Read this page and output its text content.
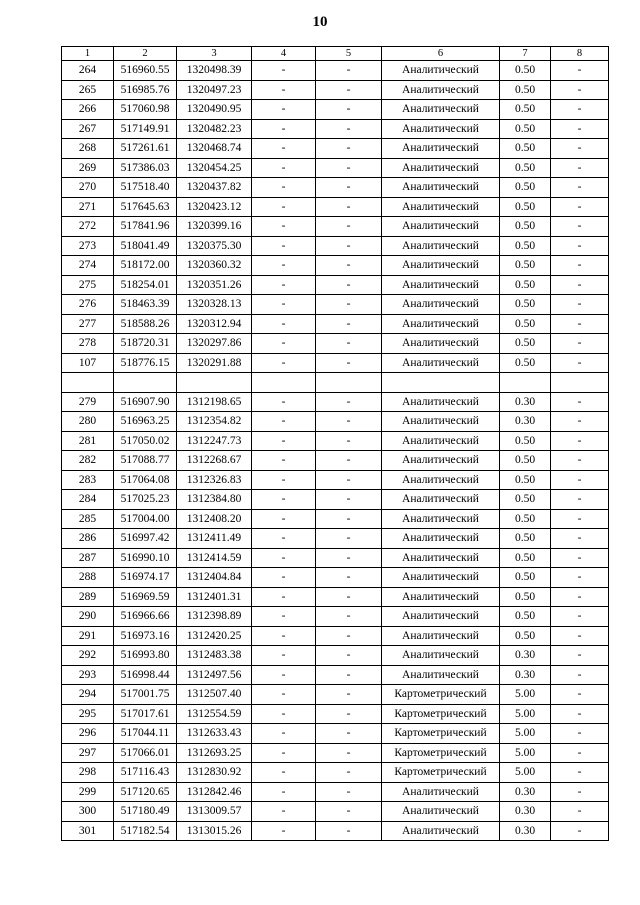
10
1	2	3	4	5	6	7	8
264	516960.55	1320498.39	-	-	Аналитический	0.50	-
265	516985.76	1320497.23	-	-	Аналитический	0.50	-
266	517060.98	1320490.95	-	-	Аналитический	0.50	-
267	517149.91	1320482.23	-	-	Аналитический	0.50	-
268	517261.61	1320468.74	-	-	Аналитический	0.50	-
269	517386.03	1320454.25	-	-	Аналитический	0.50	-
270	517518.40	1320437.82	-	-	Аналитический	0.50	-
271	517645.63	1320423.12	-	-	Аналитический	0.50	-
272	517841.96	1320399.16	-	-	Аналитический	0.50	-
273	518041.49	1320375.30	-	-	Аналитический	0.50	-
274	518172.00	1320360.32	-	-	Аналитический	0.50	-
275	518254.01	1320351.26	-	-	Аналитический	0.50	-
276	518463.39	1320328.13	-	-	Аналитический	0.50	-
277	518588.26	1320312.94	-	-	Аналитический	0.50	-
278	518720.31	1320297.86	-	-	Аналитический	0.50	-
107	518776.15	1320291.88	-	-	Аналитический	0.50	-

279	516907.90	1312198.65	-	-	Аналитический	0.30	-
280	516963.25	1312354.82	-	-	Аналитический	0.30	-
281	517050.02	1312247.73	-	-	Аналитический	0.50	-
282	517088.77	1312268.67	-	-	Аналитический	0.50	-
283	517064.08	1312326.83	-	-	Аналитический	0.50	-
284	517025.23	1312384.80	-	-	Аналитический	0.50	-
285	517004.00	1312408.20	-	-	Аналитический	0.50	-
286	516997.42	1312411.49	-	-	Аналитический	0.50	-
287	516990.10	1312414.59	-	-	Аналитический	0.50	-
288	516974.17	1312404.84	-	-	Аналитический	0.50	-
289	516969.59	1312401.31	-	-	Аналитический	0.50	-
290	516966.66	1312398.89	-	-	Аналитический	0.50	-
291	516973.16	1312420.25	-	-	Аналитический	0.50	-
292	516993.80	1312483.38	-	-	Аналитический	0.30	-
293	516998.44	1312497.56	-	-	Аналитический	0.30	-
294	517001.75	1312507.40	-	-	Картометрический	5.00	-
295	517017.61	1312554.59	-	-	Картометрический	5.00	-
296	517044.11	1312633.43	-	-	Картометрический	5.00	-
297	517066.01	1312693.25	-	-	Картометрический	5.00	-
298	517116.43	1312830.92	-	-	Картометрический	5.00	-
299	517120.65	1312842.46	-	-	Аналитический	0.30	-
300	517180.49	1313009.57	-	-	Аналитический	0.30	-
301	517182.54	1313015.26	-	-	Аналитический	0.30	-
